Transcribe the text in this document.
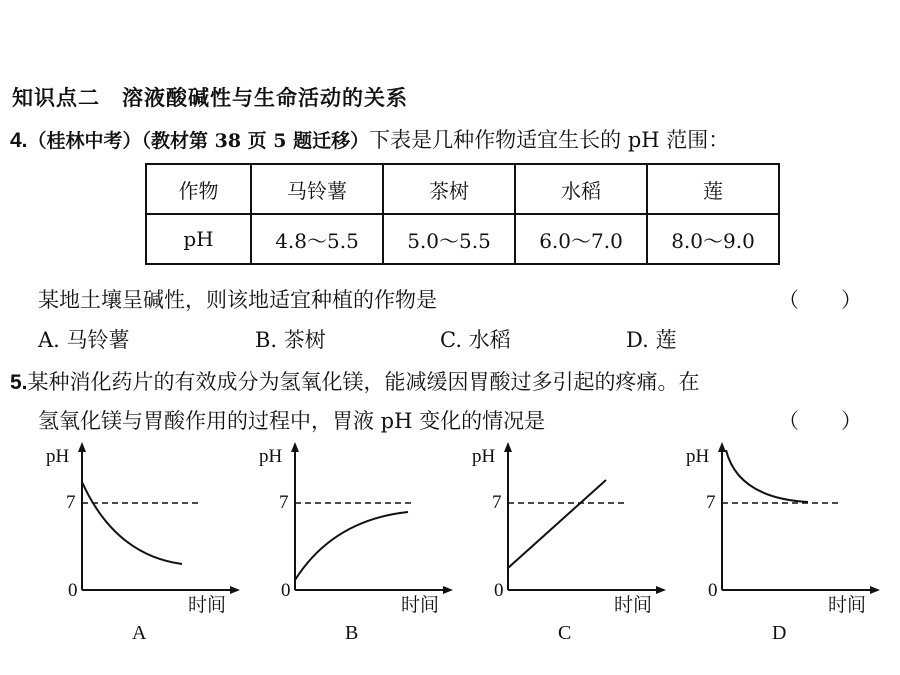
知识点二　溶液酸碱性与生命活动的关系
4.（桂林中考）（教材第 38 页 5 题迁移）下表是几种作物适宜生长的 pH 范围：
作物	马铃薯	茶树	水稻	莲
pH	4.8～5.5	5.0～5.5	6.0～7.0	8.0～9.0
某地土壤呈碱性，则该地适宜种植的作物是	（　　）
A. 马铃薯	B. 茶树	C. 水稻	D. 莲
5.某种消化药片的有效成分为氢氧化镁，能减缓因胃酸过多引起的疼痛。在
氢氧化镁与胃酸作用的过程中，胃液 pH 变化的情况是	（　　）
pH
7
0
时间
A
pH
7
0
时间
B
pH
7
0
时间
C
pH
7
0
时间
D
